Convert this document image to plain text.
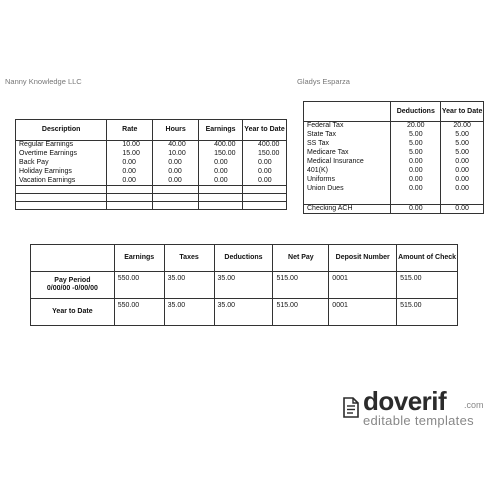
Nanny Knowledge LLC	Gladys Esparza
Description	Rate	Hours	Earnings	Year to Date
Regular Earnings	10.00	40.00	400.00	400.00
Overtime Earnings	15.00	10.00	150.00	150.00
Back Pay	0.00	0.00	0.00	0.00
Holiday Earnings	0.00	0.00	0.00	0.00
Vacation Earnings	0.00	0.00	0.00	0.00

	Deductions	Year to Date
Federal Tax	20.00	20.00
State Tax	5.00	5.00
SS Tax	5.00	5.00
Medicare Tax	5.00	5.00
Medical Insurance	0.00	0.00
401(K)	0.00	0.00
Uniforms	0.00	0.00
Union Dues	0.00	0.00

Checking ACH	0.00	0.00
	Earnings	Taxes	Deductions	Net Pay	Deposit Number	Amount of Check

Pay Period
0/00/00 -0/00/00	550.00	35.00	35.00	515.00	0001	515.00
Year to Date	550.00	35.00	35.00	515.00	0001	515.00
doverif .com
editable templates
